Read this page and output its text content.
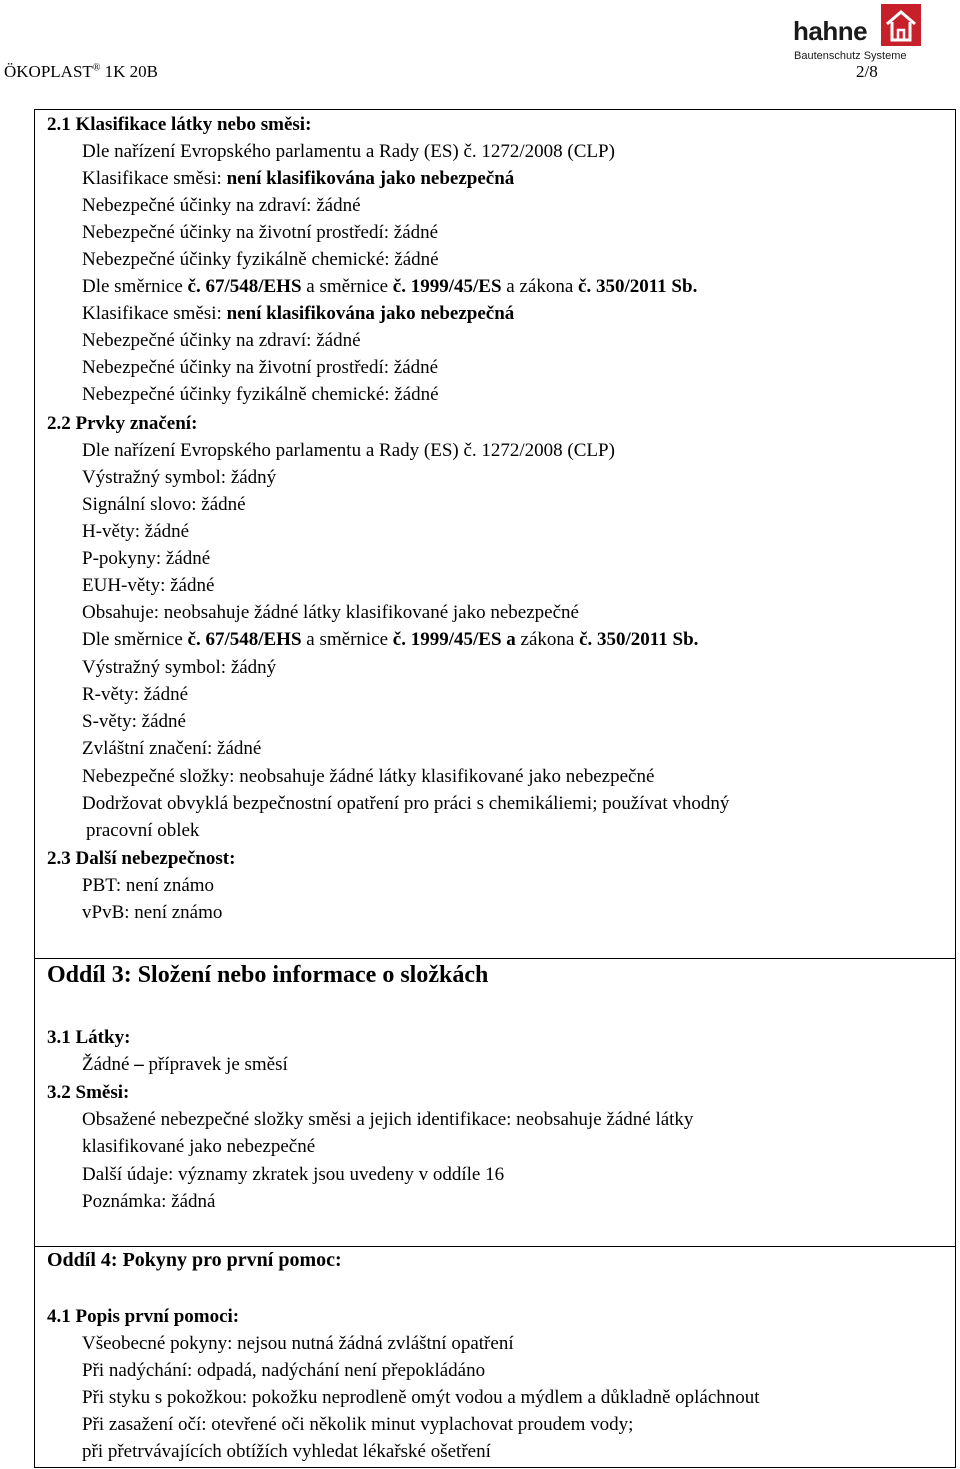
ÖKOPLAST® 1K 20B	2/8
hahne
Bautenschutz Systeme
2.1 Klasifikace látky nebo směsi:
Dle nařízení Evropského parlamentu a Rady (ES) č. 1272/2008 (CLP)
Klasifikace směsi: není klasifikována jako nebezpečná
Nebezpečné účinky na zdraví: žádné
Nebezpečné účinky na životní prostředí: žádné
Nebezpečné účinky fyzikálně chemické: žádné
Dle směrnice č. 67/548/EHS a směrnice č. 1999/45/ES a zákona č. 350/2011 Sb.
Klasifikace směsi: není klasifikována jako nebezpečná
Nebezpečné účinky na zdraví: žádné
Nebezpečné účinky na životní prostředí: žádné
Nebezpečné účinky fyzikálně chemické: žádné
2.2 Prvky značení:
Dle nařízení Evropského parlamentu a Rady (ES) č. 1272/2008 (CLP)
Výstražný symbol: žádný
Signální slovo: žádné
H-věty: žádné
P-pokyny: žádné
EUH-věty: žádné
Obsahuje: neobsahuje žádné látky klasifikované jako nebezpečné
Dle směrnice č. 67/548/EHS a směrnice č. 1999/45/ES a zákona č. 350/2011 Sb.
Výstražný symbol: žádný
R-věty: žádné
S-věty: žádné
Zvláštní značení: žádné
Nebezpečné složky: neobsahuje žádné látky klasifikované jako nebezpečné
Dodržovat obvyklá bezpečnostní opatření pro práci s chemikáliemi; používat vhodný
pracovní oblek
2.3 Další nebezpečnost:
PBT: není známo
vPvB: není známo
Oddíl 3: Složení nebo informace o složkách
3.1 Látky:
Žádné – přípravek je směsí
3.2 Směsi:
Obsažené nebezpečné složky směsi a jejich identifikace: neobsahuje žádné látky
klasifikované jako nebezpečné
Další údaje: významy zkratek jsou uvedeny v oddíle 16
Poznámka: žádná
Oddíl 4: Pokyny pro první pomoc:
4.1 Popis první pomoci:
Všeobecné pokyny: nejsou nutná žádná zvláštní opatření
Při nadýchání: odpadá, nadýchání není přepokládáno
Při styku s pokožkou: pokožku neprodleně omýt vodou a mýdlem a důkladně opláchnout
Při zasažení očí: otevřené oči několik minut vyplachovat proudem vody;
při přetrvávajících obtížích vyhledat lékařské ošetření
